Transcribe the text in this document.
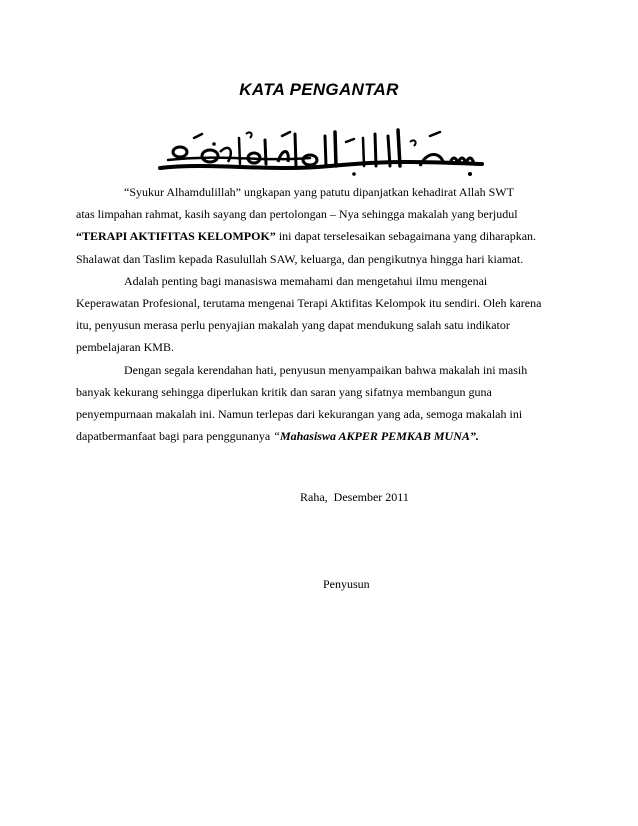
KATA PENGANTAR
“Syukur Alhamdulillah” ungkapan yang patutu dipanjatkan kehadirat Allah SWT
atas limpahan rahmat, kasih sayang dan pertolongan – Nya sehingga makalah yang berjudul
“TERAPI AKTIFITAS KELOMPOK” ini dapat terselesaikan sebagaimana yang diharapkan.
Shalawat dan Taslim kepada Rasulullah SAW, keluarga, dan pengikutnya hingga hari kiamat.
Adalah penting bagi manasiswa memahami dan mengetahui ilmu mengenai
Keperawatan Profesional, terutama mengenai Terapi Aktifitas Kelompok itu sendiri. Oleh karena
itu, penyusun merasa perlu penyajian makalah yang dapat mendukung salah satu indikator
pembelajaran KMB.
Dengan segala kerendahan hati, penyusun menyampaikan bahwa makalah ini masih
banyak kekurang sehingga diperlukan kritik dan saran yang sifatnya membangun guna
penyempurnaan makalah ini. Namun terlepas dari kekurangan yang ada, semoga makalah ini
dapatbermanfaat bagi para penggunanya “Mahasiswa AKPER PEMKAB MUNA”.
Raha,  Desember 2011
Penyusun
